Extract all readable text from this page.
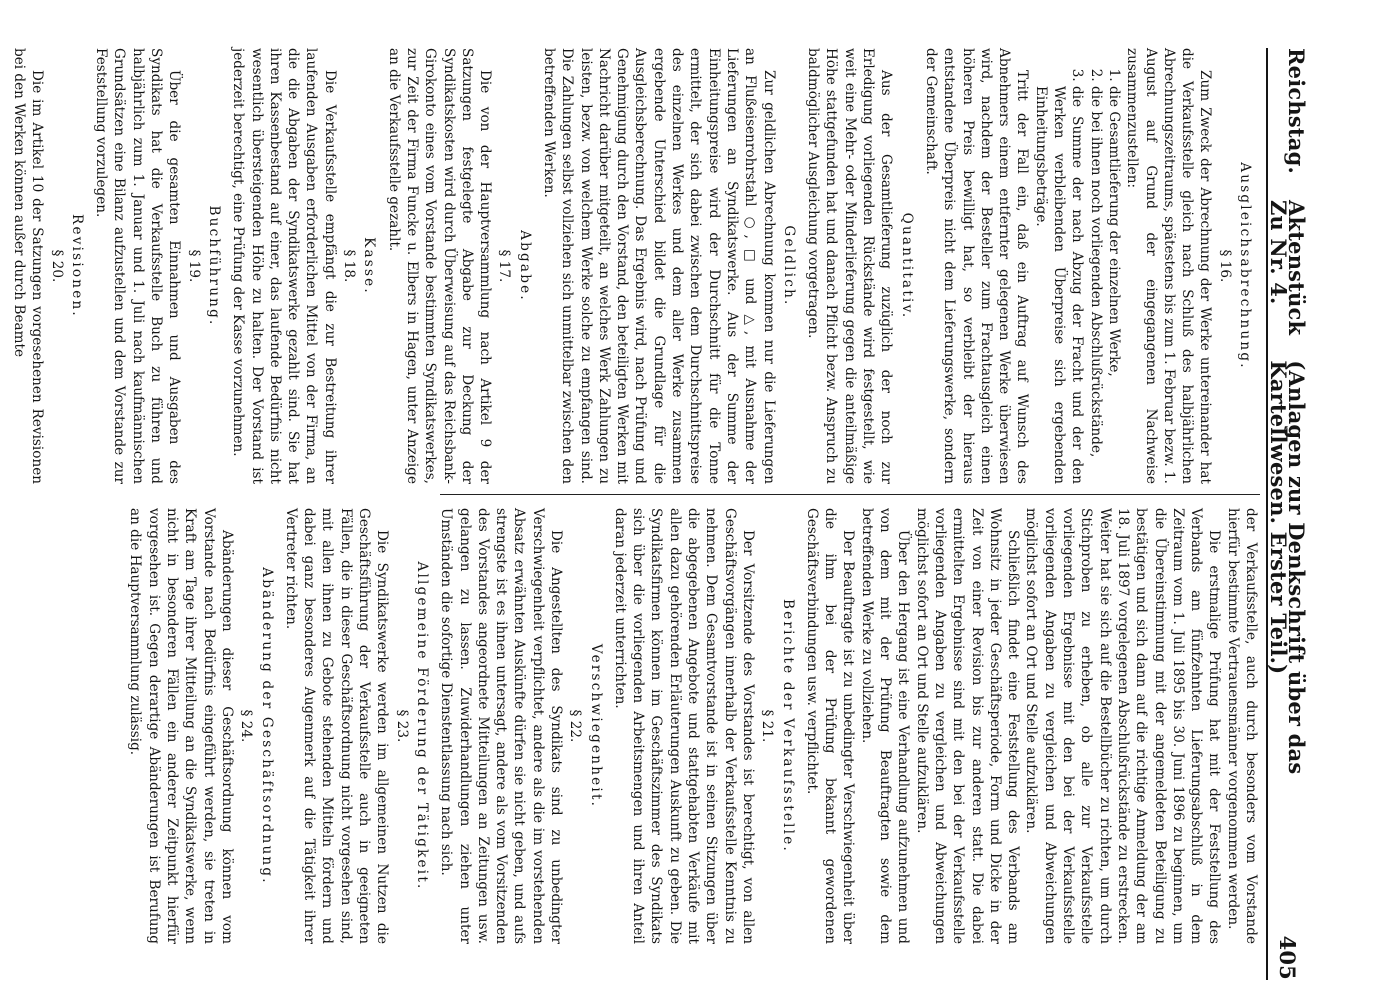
Reichstag.
Aktenstück Zu Nr. 4.
(Anlagen zur Denkschrift über das Kartellwesen. Erster Teil.)
405
Ausgleichsabrechnung.
§ 16.

Zum Zweck der Abrechnung der Werke untereinander hat die Verkaufsstelle gleich nach Schluß des halbjährlichen Abrechnungszeitraums, spätestens bis zum 1. Februar bezw. 1. August auf Grund der eingegangenen Nachweise zusammenzustellen:

1. die Gesamtlieferung der einzelnen Werke,
2. die bei ihnen noch vorliegenden Abschlußrückstände,
3. die Summe der nach Abzug der Fracht und der den Werken verbleibenden Überpreise sich ergebenden Einheitungsbeträge.

Tritt der Fall ein, daß ein Auftrag auf Wunsch des Abnehmers einem entfernter gelegenen Werke überwiesen wird, nachdem der Besteller zum Frachtausgleich einen höheren Preis bewilligt hat, so verbleibt der hieraus entstandene Überpreis nicht dem Lieferungswerke, sondern der Gemeinschaft.

Quantitativ.

Aus der Gesamtlieferung zuzüglich der noch zur Erledigung vorliegenden Rückstände wird festgestellt, wie weit eine Mehr- oder Minderlieferung gegen die anteilmäßige Höhe stattgefunden hat und danach Pflicht bezw. Anspruch zu baldmöglicher Ausgleichung vorgetragen.

Geldlich.

Zur geldlichen Abrechnung kommen nur die Lieferungen an Flußeisenrohrstahl ○, □ und △, mit Ausnahme der Lieferungen an Syndikatswerke. Aus der Summe der Einheitungspreise wird der Durchschnitt für die Tonne ermittelt, der sich dabei zwischen dem Durchschnittspreise des einzelnen Werkes und dem aller Werke zusammen ergebende Unterschied bildet die Grundlage für die Ausgleichsberechnung. Das Ergebnis wird, nach Prüfung und Genehmigung durch den Vorstand, den beteiligten Werken mit Nachricht darüber mitgeteilt, an welches Werk Zahlungen zu leisten, bezw. von welchem Werke solche zu empfangen sind. Die Zahlungen selbst vollziehen sich unmittelbar zwischen den betreffenden Werken.

Abgabe.
§ 17.

Die von der Hauptversammlung nach Artikel 9 der Satzungen festgelegte Abgabe zur Deckung der Syndikatskosten wird durch Überweisung auf das Reichsbank-Girokonto eines vom Vorstande bestimmten Syndikatswerkes, zur Zeit der Firma Funcke u. Elbers in Hagen, unter Anzeige an die Verkaufsstelle gezahlt.

Kasse.
§ 18.

Die Verkaufsstelle empfängt die zur Bestreitung ihrer laufenden Ausgaben erforderlichen Mittel von der Firma, an die die Abgaben der Syndikatswerke gezahlt sind. Sie hat ihren Kassenbestand auf einer, das laufende Bedürfnis nicht wesentlich übersteigenden Höhe zu halten. Der Vorstand ist jederzeit berechtigt, eine Prüfung der Kasse vorzunehmen.

Buchführung.
§ 19.

Über die gesamten Einnahmen und Ausgaben des Syndikats hat die Verkaufsstelle Buch zu führen und halbjährlich zum 1. Januar und 1. Juli nach kaufmännischen Grundsätzen eine Bilanz aufzustellen und dem Vorstande zur Feststellung vorzulegen.

Revisionen.
§ 20.

Die im Artikel 10 der Satzungen vorgesehenen Revisionen bei den Werken können außer durch Beamte

der Verkaufsstelle, auch durch besonders vom Vorstande hierfür bestimmte Vertrauensmänner vorgenommen werden.

Die erstmalige Prüfung hat mit der Feststellung des Verbands am fünfzehnten Lieferungsabschluß in dem Zeitraum vom 1. Juli 1895 bis 30. Juni 1896 zu beginnen, um die Übereinstimmung mit der angemeldeten Beteiligung zu bestätigen und sich dann auf die richtige Anmeldung der am 18. Juli 1897 vorgelegenen Abschlußrückstände zu erstrecken. Weiter hat sie sich auf die Bestellbücher zu richten, um durch Stichproben zu erheben, ob alle zur Verkaufsstelle vorliegenden Ergebnisse mit den bei der Verkaufsstelle vorliegenden Angaben zu vergleichen und Abweichungen möglichst sofort an Ort und Stelle aufzuklären.

Schließlich findet eine Feststellung des Verbands am Wohnsitz in jeder Geschäftsperiode, Form und Dicke in der Zeit von einer Revision bis zur anderen statt. Die dabei ermittelten Ergebnisse sind mit den bei der Verkaufsstelle vorliegenden Angaben zu vergleichen und Abweichungen möglichst sofort an Ort und Stelle aufzuklären.

Über den Hergang ist eine Verhandlung aufzunehmen und von dem mit der Prüfung Beauftragten sowie dem betreffenden Werke zu vollziehen.

Der Beauftragte ist zu unbedingter Verschwiegenheit über die ihm bei der Prüfung bekannt gewordenen Geschäftsverbindungen usw. verpflichtet.

Berichte der Verkaufsstelle.
§ 21.

Der Vorsitzende des Vorstandes ist berechtigt, von allen Geschäftsvorgängen innerhalb der Verkaufsstelle Kenntnis zu nehmen. Dem Gesamtvorstande ist in seinen Sitzungen über die abgegebenen Angebote und stattgehabten Verkäufe mit allen dazu gehörenden Erläuterungen Auskunft zu geben. Die Syndikatsfirmen können im Geschäftszimmer des Syndikats sich über die vorliegenden Arbeitsmengen und ihren Anteil daran jederzeit unterrichten.

Verschwiegenheit.
§ 22.

Die Angestellten des Syndikats sind zu unbedingter Verschwiegenheit verpflichtet, andere als die im vorstehenden Absatz erwähnten Auskünfte dürfen sie nicht geben, und aufs strengste ist es ihnen untersagt, andere als vom Vorsitzenden des Vorstandes angeordnete Mitteilungen an Zeitungen usw. gelangen zu lassen. Zuwiderhandlungen ziehen unter Umständen die sofortige Dienstentlassung nach sich.

Allgemeine Förderung der Tätigkeit.
§ 23.

Die Syndikatswerke werden im allgemeinen Nutzen die Geschäftsführung der Verkaufsstelle auch in geeigneten Fällen, die in dieser Geschäftsordnung nicht vorgesehen sind, mit allen ihnen zu Gebote stehenden Mitteln fördern und dabei ganz besonderes Augenmerk auf die Tätigkeit ihrer Vertreter richten.

Abänderung der Geschäftsordnung.
§ 24.

Abänderungen dieser Geschäftsordnung können vom Vorstande nach Bedürfnis eingeführt werden, sie treten in Kraft am Tage ihrer Mitteilung an die Syndikatswerke, wenn nicht in besonderen Fällen ein anderer Zeitpunkt hierfür vorgesehen ist. Gegen derartige Abänderungen ist Berufung an die Hauptversammlung zulässig.
